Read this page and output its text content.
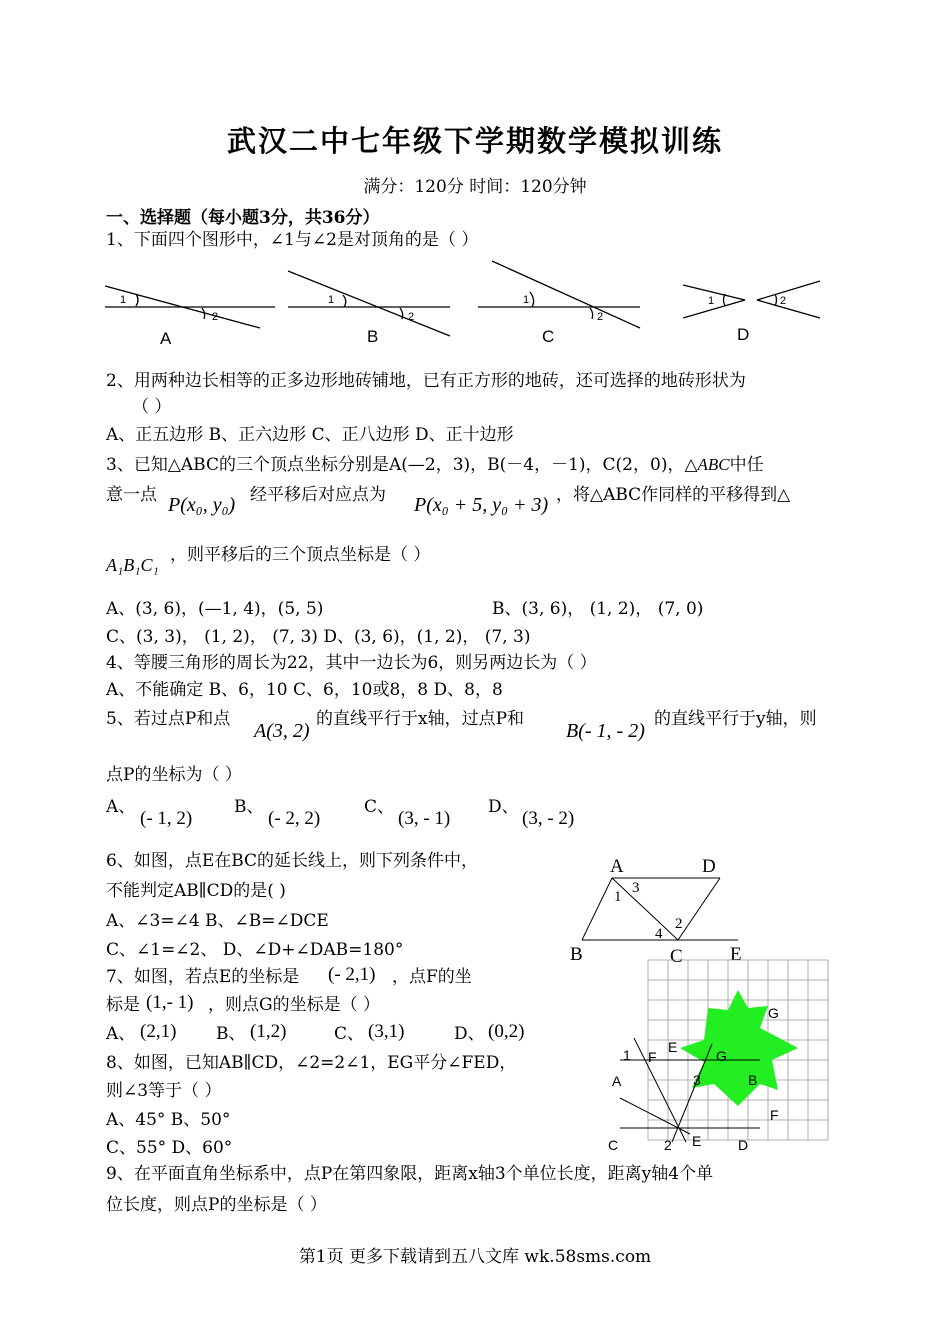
武汉二中七年级下学期数学模拟训练
满分：120分 时间：120分钟
一、选择题（每小题3分，共36分）
1、下面四个图形中，∠1与∠2是对顶角的是（ ）
1
2
1
2
1
2
1	2
A	B	C	D
2、用两种边长相等的正多边形地砖铺地，已有正方形的地砖，还可选择的地砖形状为
（ ）
A、正五边形 B、正六边形 C、正八边形 D、正十边形
3、已知△ABC的三个顶点坐标分别是A(—2，3)，B(－4，－1)，C(2，0)，△ABC中任
意一点 P(x₀, y₀) 经平移后对应点为 P(x₀ + 5, y₀ + 3) ，将△ABC作同样的平移得到△
A₁B₁C₁ ，则平移后的三个顶点坐标是（ ）
A、(3, 6)，(—1, 4)，(5, 5)	B、(3, 6)， (1, 2)， (7, 0)
C、(3, 3)， (1, 2)， (7, 3) D、(3, 6)，(1, 2)， (7, 3)
4、等腰三角形的周长为22，其中一边长为6，则另两边长为（ ）
A、不能确定 B、6，10 C、6，10或8，8 D、8，8
5、若过点P和点
A(3, 2)
的直线平行于x轴，过点P和
B(- 1, - 2)
的直线平行于y轴，则
点P的坐标为（ ）
A、
(- 1, 2)
B、
(- 2, 2)
C、
(3, - 1)
D、
(3, - 2)
6、如图，点E在BC的延长线上，则下列条件中，
不能判定AB∥CD的是( )
A、∠3=∠4 B、∠B=∠DCE
C、∠1=∠2、 D、∠D+∠DAB=180°
A	D
B	C E
1
3
2
4
7、如图，若点E的坐标是 (- 2,1) ，点F的坐
标是 (1,- 1) ，则点G的坐标是（ ）
A、 (2,1) B、 (1,2)	C、 (3,1)	D、 (0,2)
G
E
G
B
F
1 F
A	3
C	2 E	D
8、如图，已知AB∥CD，∠2=2∠1，EG平分∠FED，
则∠3等于（ ）
A、45° B、50°
C、55° D、60°
9、在平面直角坐标系中，点P在第四象限，距离x轴3个单位长度，距离y轴4个单
位长度，则点P的坐标是（ ）
第1页 更多下载请到五八文库 wk.58sms.com
